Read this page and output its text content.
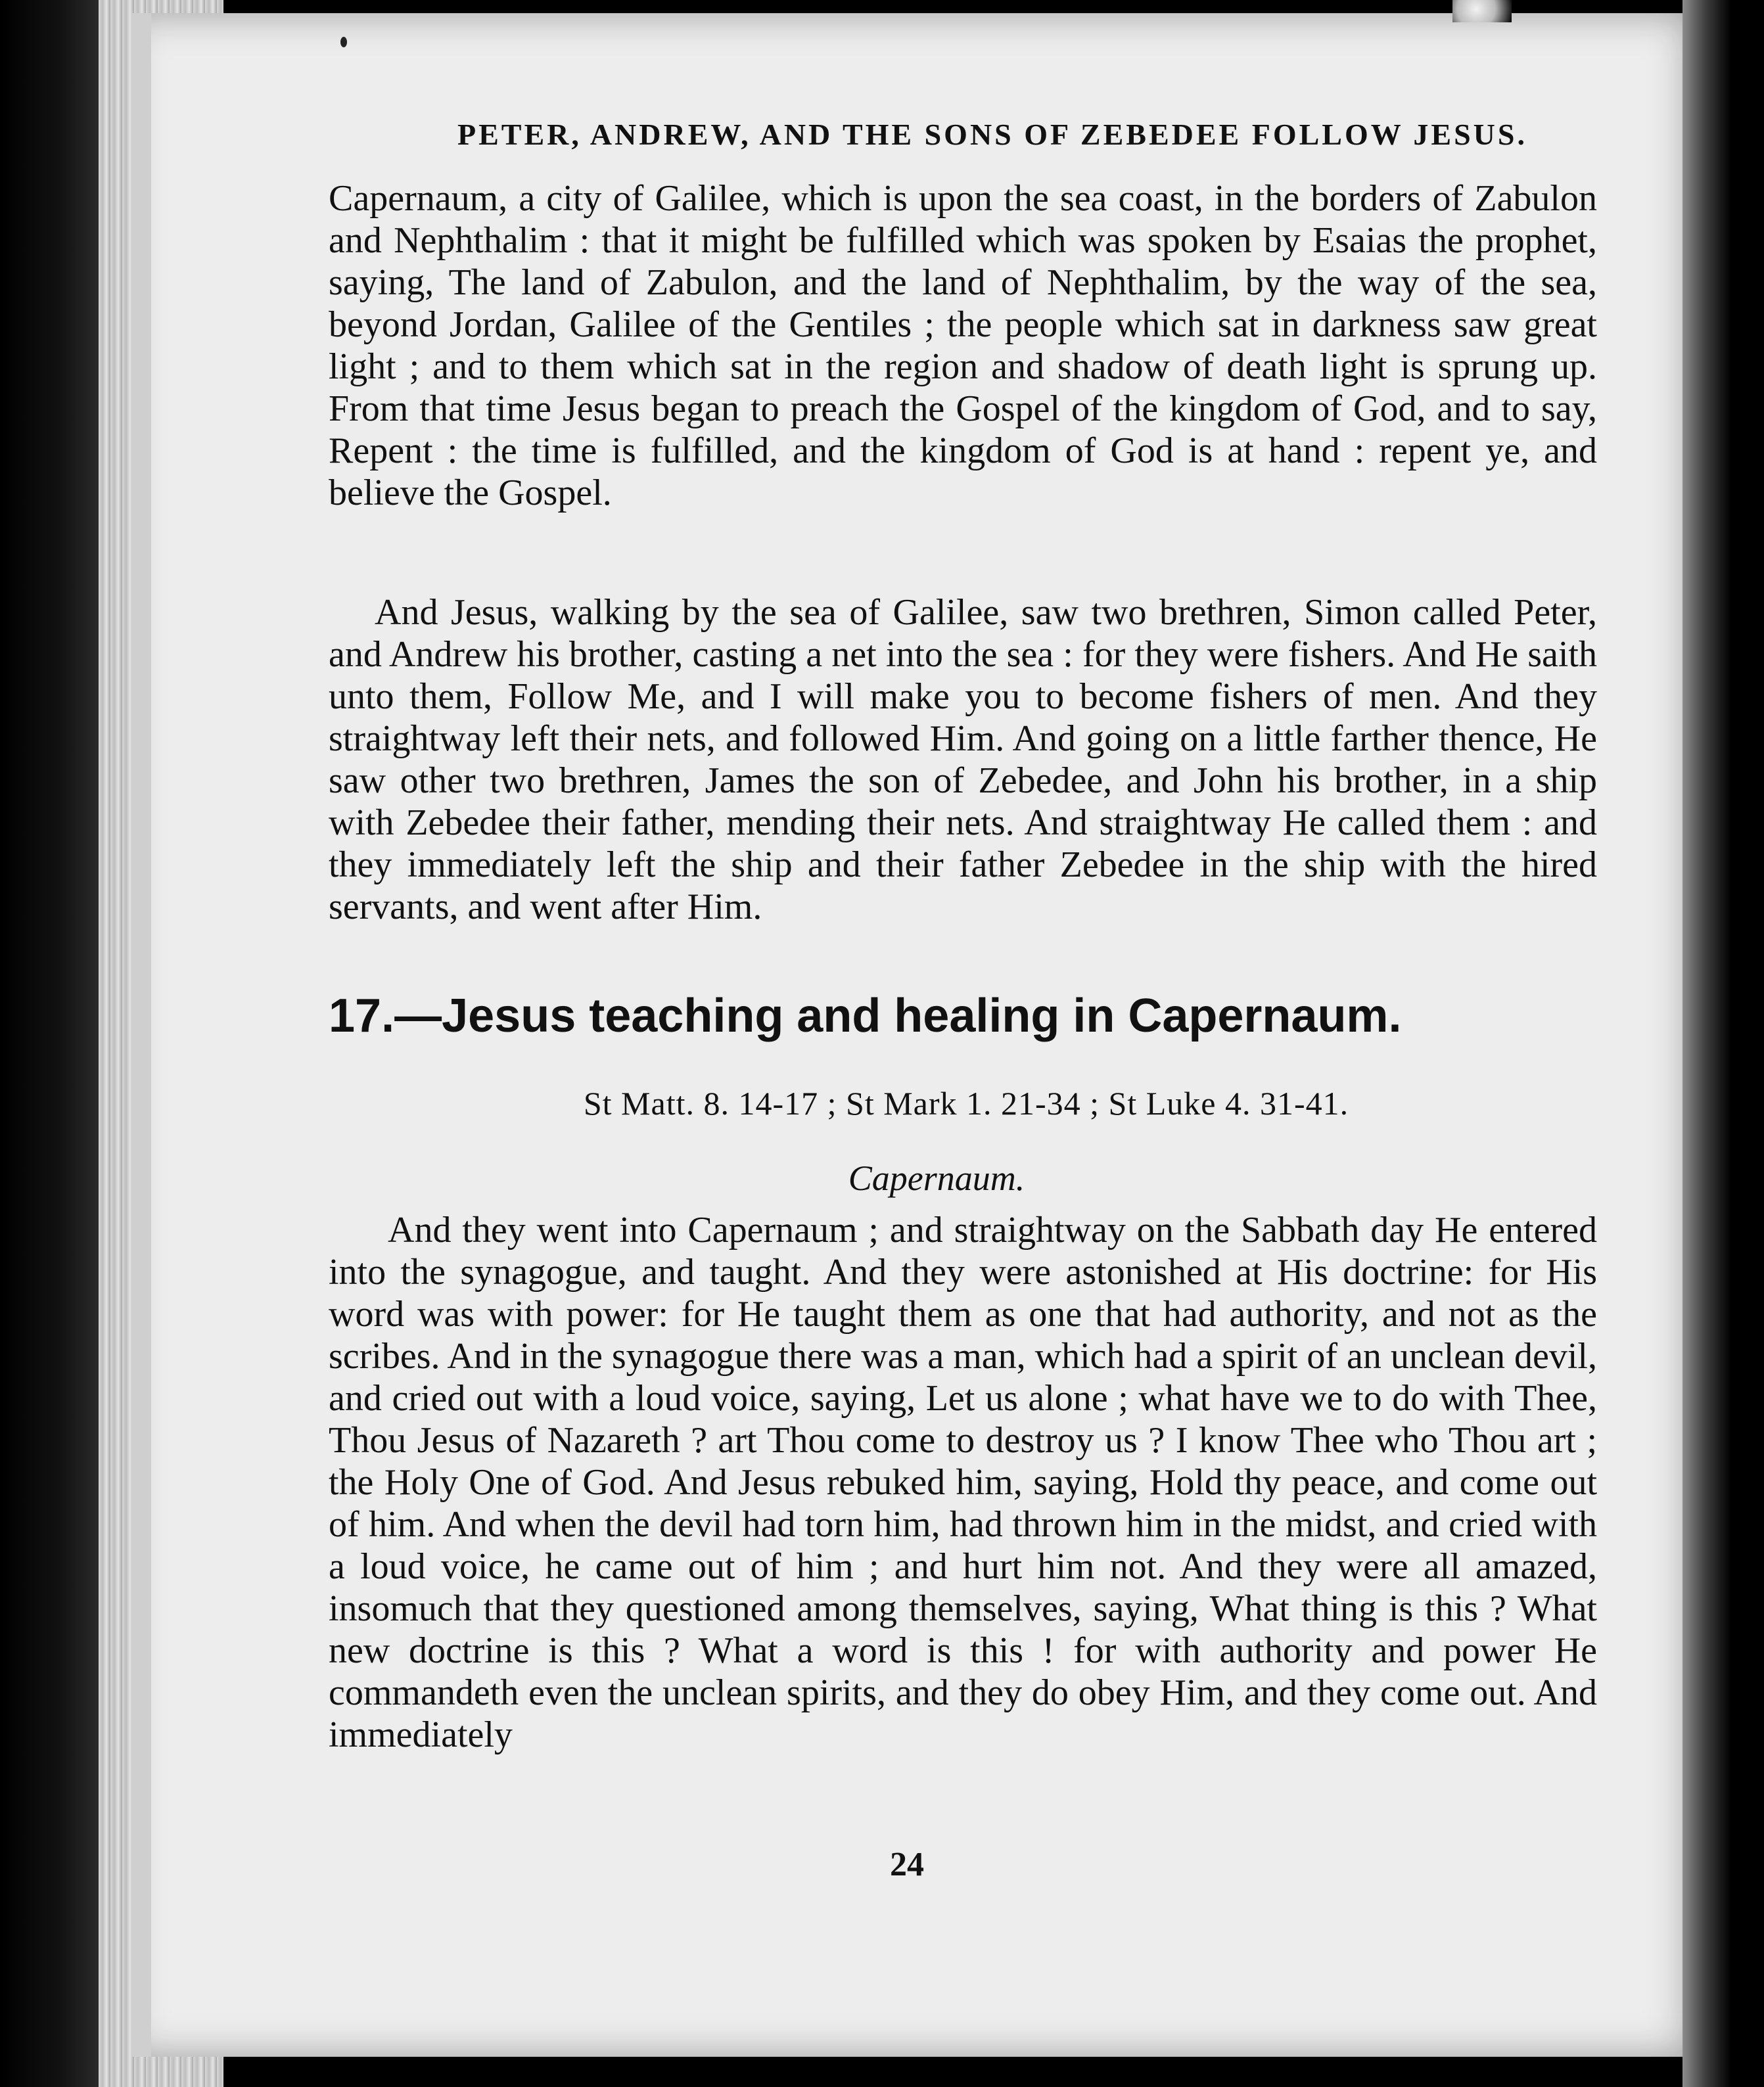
PETER, ANDREW, AND THE SONS OF ZEBEDEE FOLLOW JESUS.
Capernaum, a city of Galilee, which is upon the sea coast, in the borders of Zabulon and Nephthalim : that it might be fulfilled which was spoken by Esaias the prophet, saying, The land of Zabulon, and the land of Nephthalim, by the way of the sea, beyond Jordan, Galilee of the Gentiles ; the people which sat in darkness saw great light ; and to them which sat in the region and shadow of death light is sprung up. From that time Jesus began to preach the Gospel of the kingdom of God, and to say, Repent : the time is fulfilled, and the kingdom of God is at hand : repent ye, and believe the Gospel.
And Jesus, walking by the sea of Galilee, saw two brethren, Simon called Peter, and Andrew his brother, casting a net into the sea : for they were fishers. And He saith unto them, Follow Me, and I will make you to become fishers of men. And they straightway left their nets, and followed Him. And going on a little farther thence, He saw other two brethren, James the son of Zebedee, and John his brother, in a ship with Zebedee their father, mending their nets. And straightway He called them : and they immediately left the ship and their father Zebedee in the ship with the hired servants, and went after Him.
17.—Jesus teaching and healing in Capernaum.
St Matt. 8. 14-17 ; St Mark 1. 21-34 ; St Luke 4. 31-41.
Capernaum.
And they went into Capernaum ; and straightway on the Sabbath day He entered into the synagogue, and taught. And they were astonished at His doctrine: for His word was with power: for He taught them as one that had authority, and not as the scribes. And in the synagogue there was a man, which had a spirit of an unclean devil, and cried out with a loud voice, saying, Let us alone ; what have we to do with Thee, Thou Jesus of Nazareth ? art Thou come to destroy us ? I know Thee who Thou art ; the Holy One of God. And Jesus rebuked him, saying, Hold thy peace, and come out of him. And when the devil had torn him, had thrown him in the midst, and cried with a loud voice, he came out of him ; and hurt him not. And they were all amazed, insomuch that they questioned among themselves, saying, What thing is this ? What new doctrine is this ? What a word is this ! for with authority and power He commandeth even the unclean spirits, and they do obey Him, and they come out. And immediately
24
